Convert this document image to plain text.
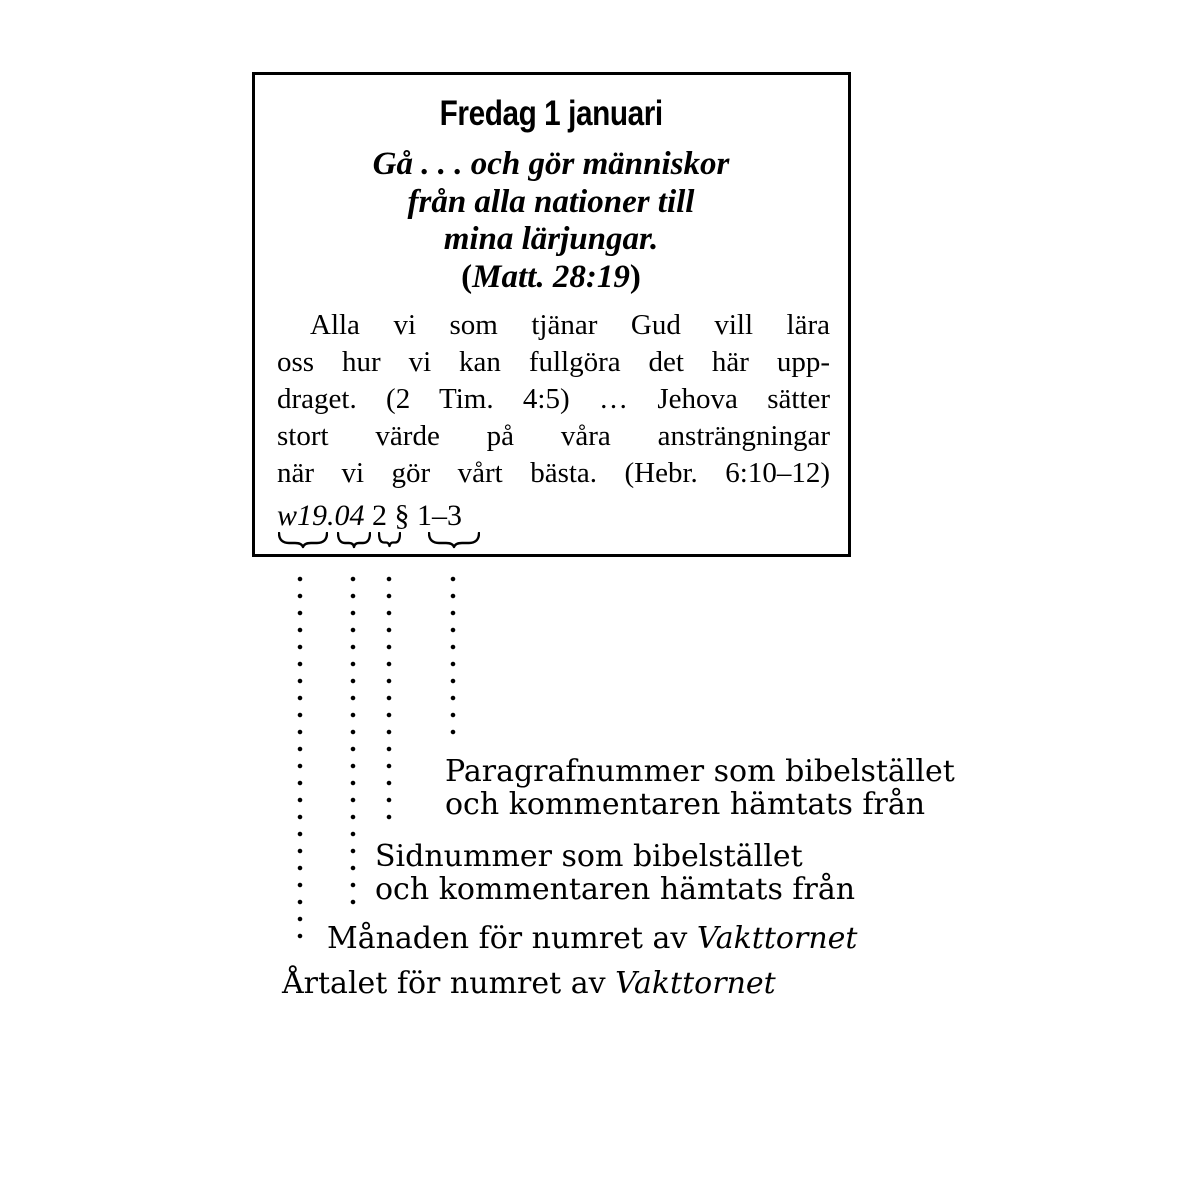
Fredag 1 januari
Gå . . . och gör människor
från alla nationer till
mina lärjungar.
(Matt. 28:19)
Alla vi som tjänar Gud vill lära
oss hur vi kan fullgöra det här upp-
draget. (2 Tim. 4:5) … Jehova sätter
stort värde på våra ansträngningar
när vi gör vårt bästa. (Hebr. 6:10–12)
w19.04 2 § 1–3
Paragrafnummer som bibelstället
och kommentaren hämtats från
Sidnummer som bibelstället
och kommentaren hämtats från
Månaden för numret av Vakttornet
Årtalet för numret av Vakttornet
